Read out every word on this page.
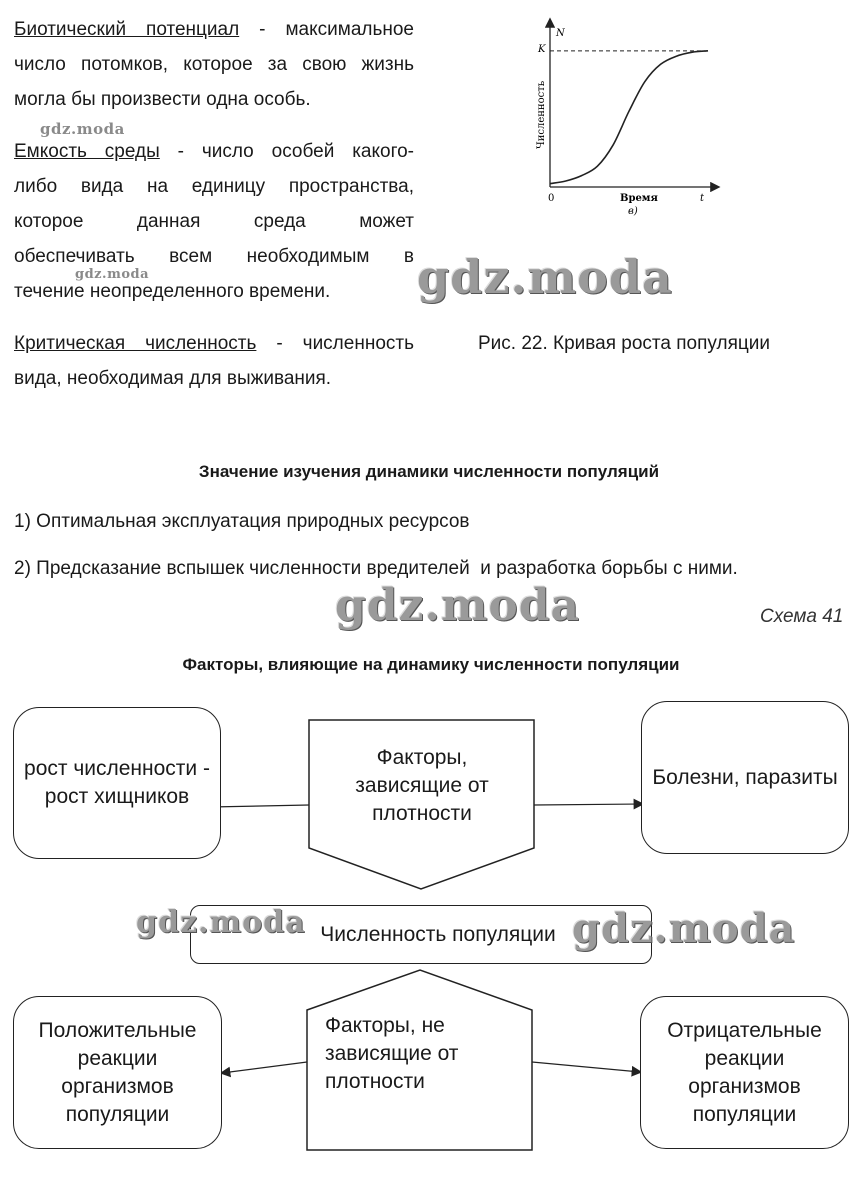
Биотический потенциал - максимальное
число потомков, которое за свою жизнь
могла бы произвести одна особь.
Емкость среды - число особей какого-
либо вида на единицу пространства,
которое данная среда может
обеспечивать всем необходимым в
течение неопределенного времени.
Критическая численность - численность
вида, необходимая для выживания.
N
K
0	t
Время
в)
Численность
Рис. 22. Кривая роста популяции
Значение изучения динамики численности популяций
1) Оптимальная эксплуатация природных ресурсов
2) Предсказание вспышек численности вредителей  и разработка борьбы с ними.
Схема 41
Факторы, влияющие на динамику численности популяции
рост численности - рост хищников
Факторы, зависящие от плотности
Болезни, паразиты
Численность популяции
Положительные реакции организмов популяции
Факторы, не зависящие от плотности
Отрицательные реакции организмов популяции
gdz.moda
gdz.moda	gdz.moda
gdz.moda
gdz.moda	gdz.moda
